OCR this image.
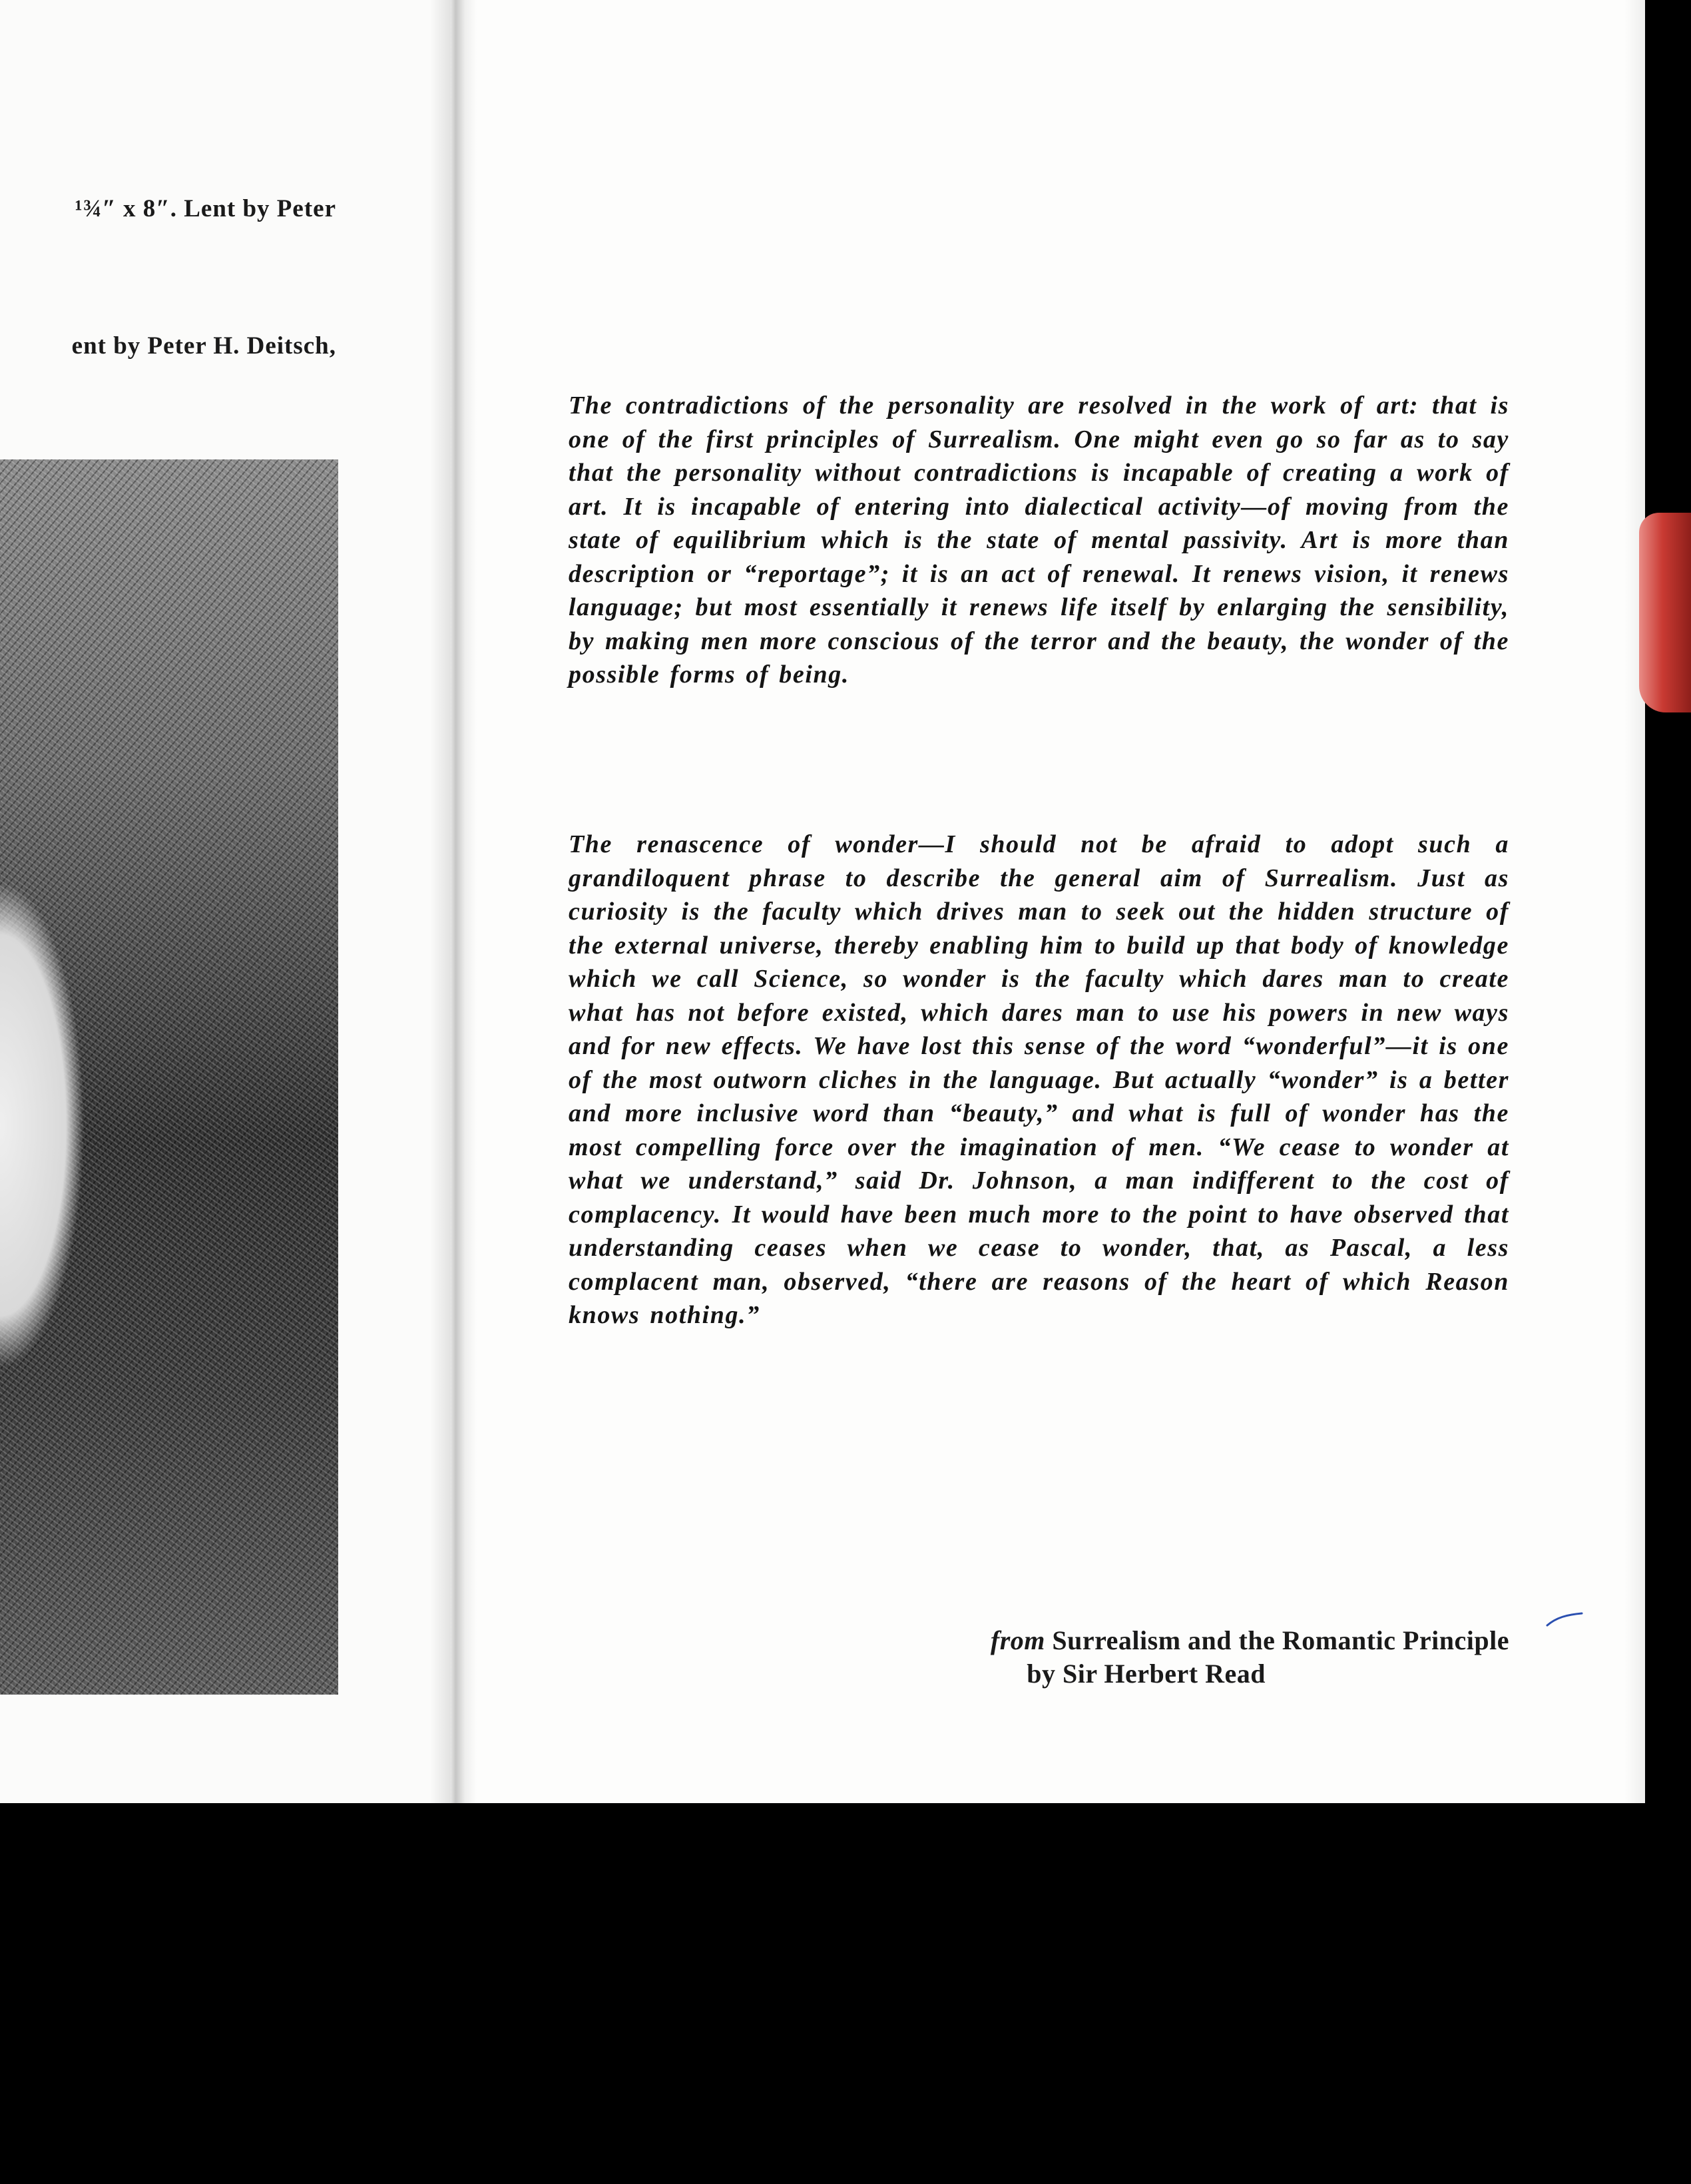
¹¾″ x 8″. Lent by Peter
ent by Peter H. Deitsch,

The contradictions of the personality are resolved in the work of art: that is one of the first principles of Surrealism. One might even go so far as to say that the personality without contradictions is incapable of creating a work of art. It is incapable of entering into dialectical activity—of moving from the state of equilibrium which is the state of mental passivity. Art is more than description or “reportage”; it is an act of renewal. It renews vision, it renews language; but most essentially it renews life itself by enlarging the sensibility, by making men more conscious of the terror and the beauty, the wonder of the possible forms of being.

The renascence of wonder—I should not be afraid to adopt such a grandiloquent phrase to describe the general aim of Surrealism. Just as curiosity is the faculty which drives man to seek out the hidden structure of the external universe, thereby enabling him to build up that body of knowledge which we call Science, so wonder is the faculty which dares man to create what has not before existed, which dares man to use his powers in new ways and for new effects. We have lost this sense of the word “wonderful”—it is one of the most outworn cliches in the language. But actually “wonder” is a better and more inclusive word than “beauty,” and what is full of wonder has the most compelling force over the imagination of men. “We cease to wonder at what we understand,” said Dr. Johnson, a man indifferent to the cost of complacency. It would have been much more to the point to have observed that understanding ceases when we cease to wonder, that, as Pascal, a less complacent man, observed, “there are reasons of the heart of which Reason knows nothing.”

from Surrealism and the Romantic Principle
by Sir Herbert Read
